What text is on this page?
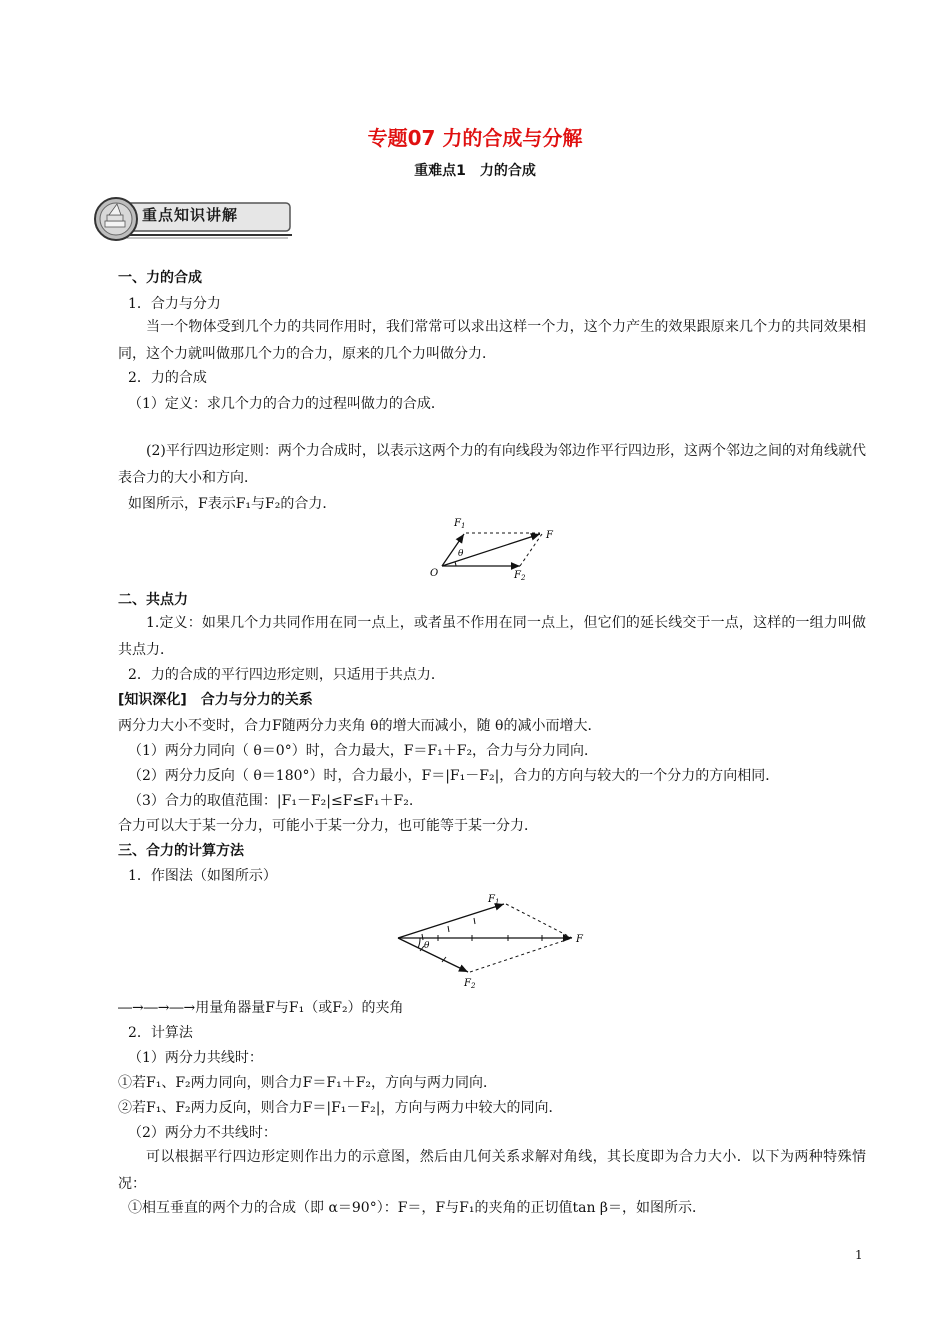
专题07 力的合成与分解
重难点1　力的合成
重点知识讲解
一、力的合成
1．合力与分力

当一个物体受到几个力的共同作用时，我们常常可以求出这样一个力，这个力产生的效果跟原来几个力的共同效果相同，这个力就叫做那几个力的合力，原来的几个力叫做分力．

2．力的合成
（1）定义：求几个力的合力的过程叫做力的合成．

(2)平行四边形定则：两个力合成时，以表示这两个力的有向线段为邻边作平行四边形，这两个邻边之间的对角线就代表合力的大小和方向．

如图所示，F表示F₁与F₂的合力．
F 1
F
F 2
O
θ
二、共点力

1.定义：如果几个力共同作用在同一点上，或者虽不作用在同一点上，但它们的延长线交于一点，这样的一组力叫做共点力．

2．力的合成的平行四边形定则，只适用于共点力．
[知识深化]　合力与分力的关系
两分力大小不变时，合力F随两分力夹角 θ的增大而减小，随 θ的减小而增大．
（1）两分力同向（ θ＝0°）时，合力最大，F＝F₁＋F₂，合力与分力同向．
（2）两分力反向（ θ＝180°）时，合力最小，F＝|F₁－F₂|，合力的方向与较大的一个分力的方向相同．
（3）合力的取值范围：|F₁－F₂|≤F≤F₁＋F₂.
合力可以大于某一分力，可能小于某一分力，也可能等于某一分力．
三、合力的计算方法
1．作图法（如图所示）
F 1
F
F 2
θ
―→―→―→用量角器量F与F₁（或F₂）的夹角
2．计算法
（1）两分力共线时：
①若F₁、F₂两力同向，则合力F＝F₁＋F₂，方向与两力同向．
②若F₁、F₂两力反向，则合力F＝|F₁－F₂|，方向与两力中较大的同向．
（2）两分力不共线时：

可以根据平行四边形定则作出力的示意图，然后由几何关系求解对角线，其长度即为合力大小．以下为两种特殊情况：

①相互垂直的两个力的合成（即 α＝90°）：F＝，F与F₁的夹角的正切值tan β＝，如图所示．
1
